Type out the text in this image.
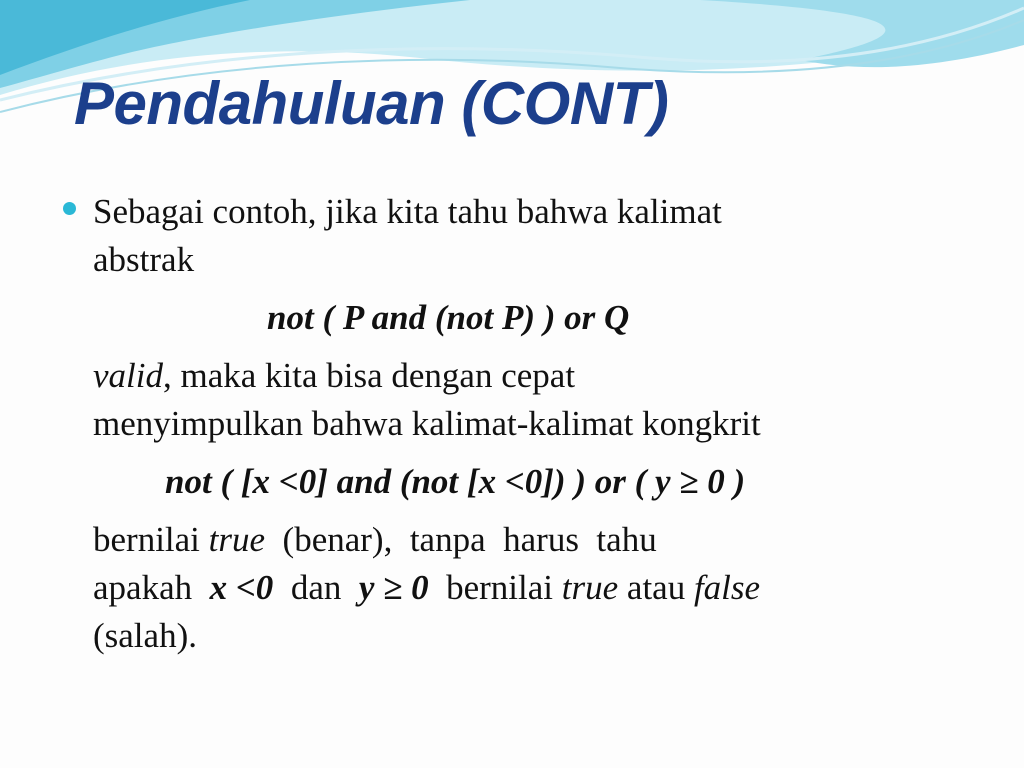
Pendahuluan (CONT)

Sebagai contoh, jika kita tahu bahwa kalimat
abstrak

not ( P and (not P) ) or Q

valid, maka kita bisa dengan cepat
menyimpulkan bahwa kalimat-kalimat kongkrit

not ( [x <0] and (not [x <0]) ) or ( y ≥ 0 )

bernilai true  (benar),  tanpa  harus  tahu
apakah  x <0  dan  y ≥ 0  bernilai true atau false
(salah).
